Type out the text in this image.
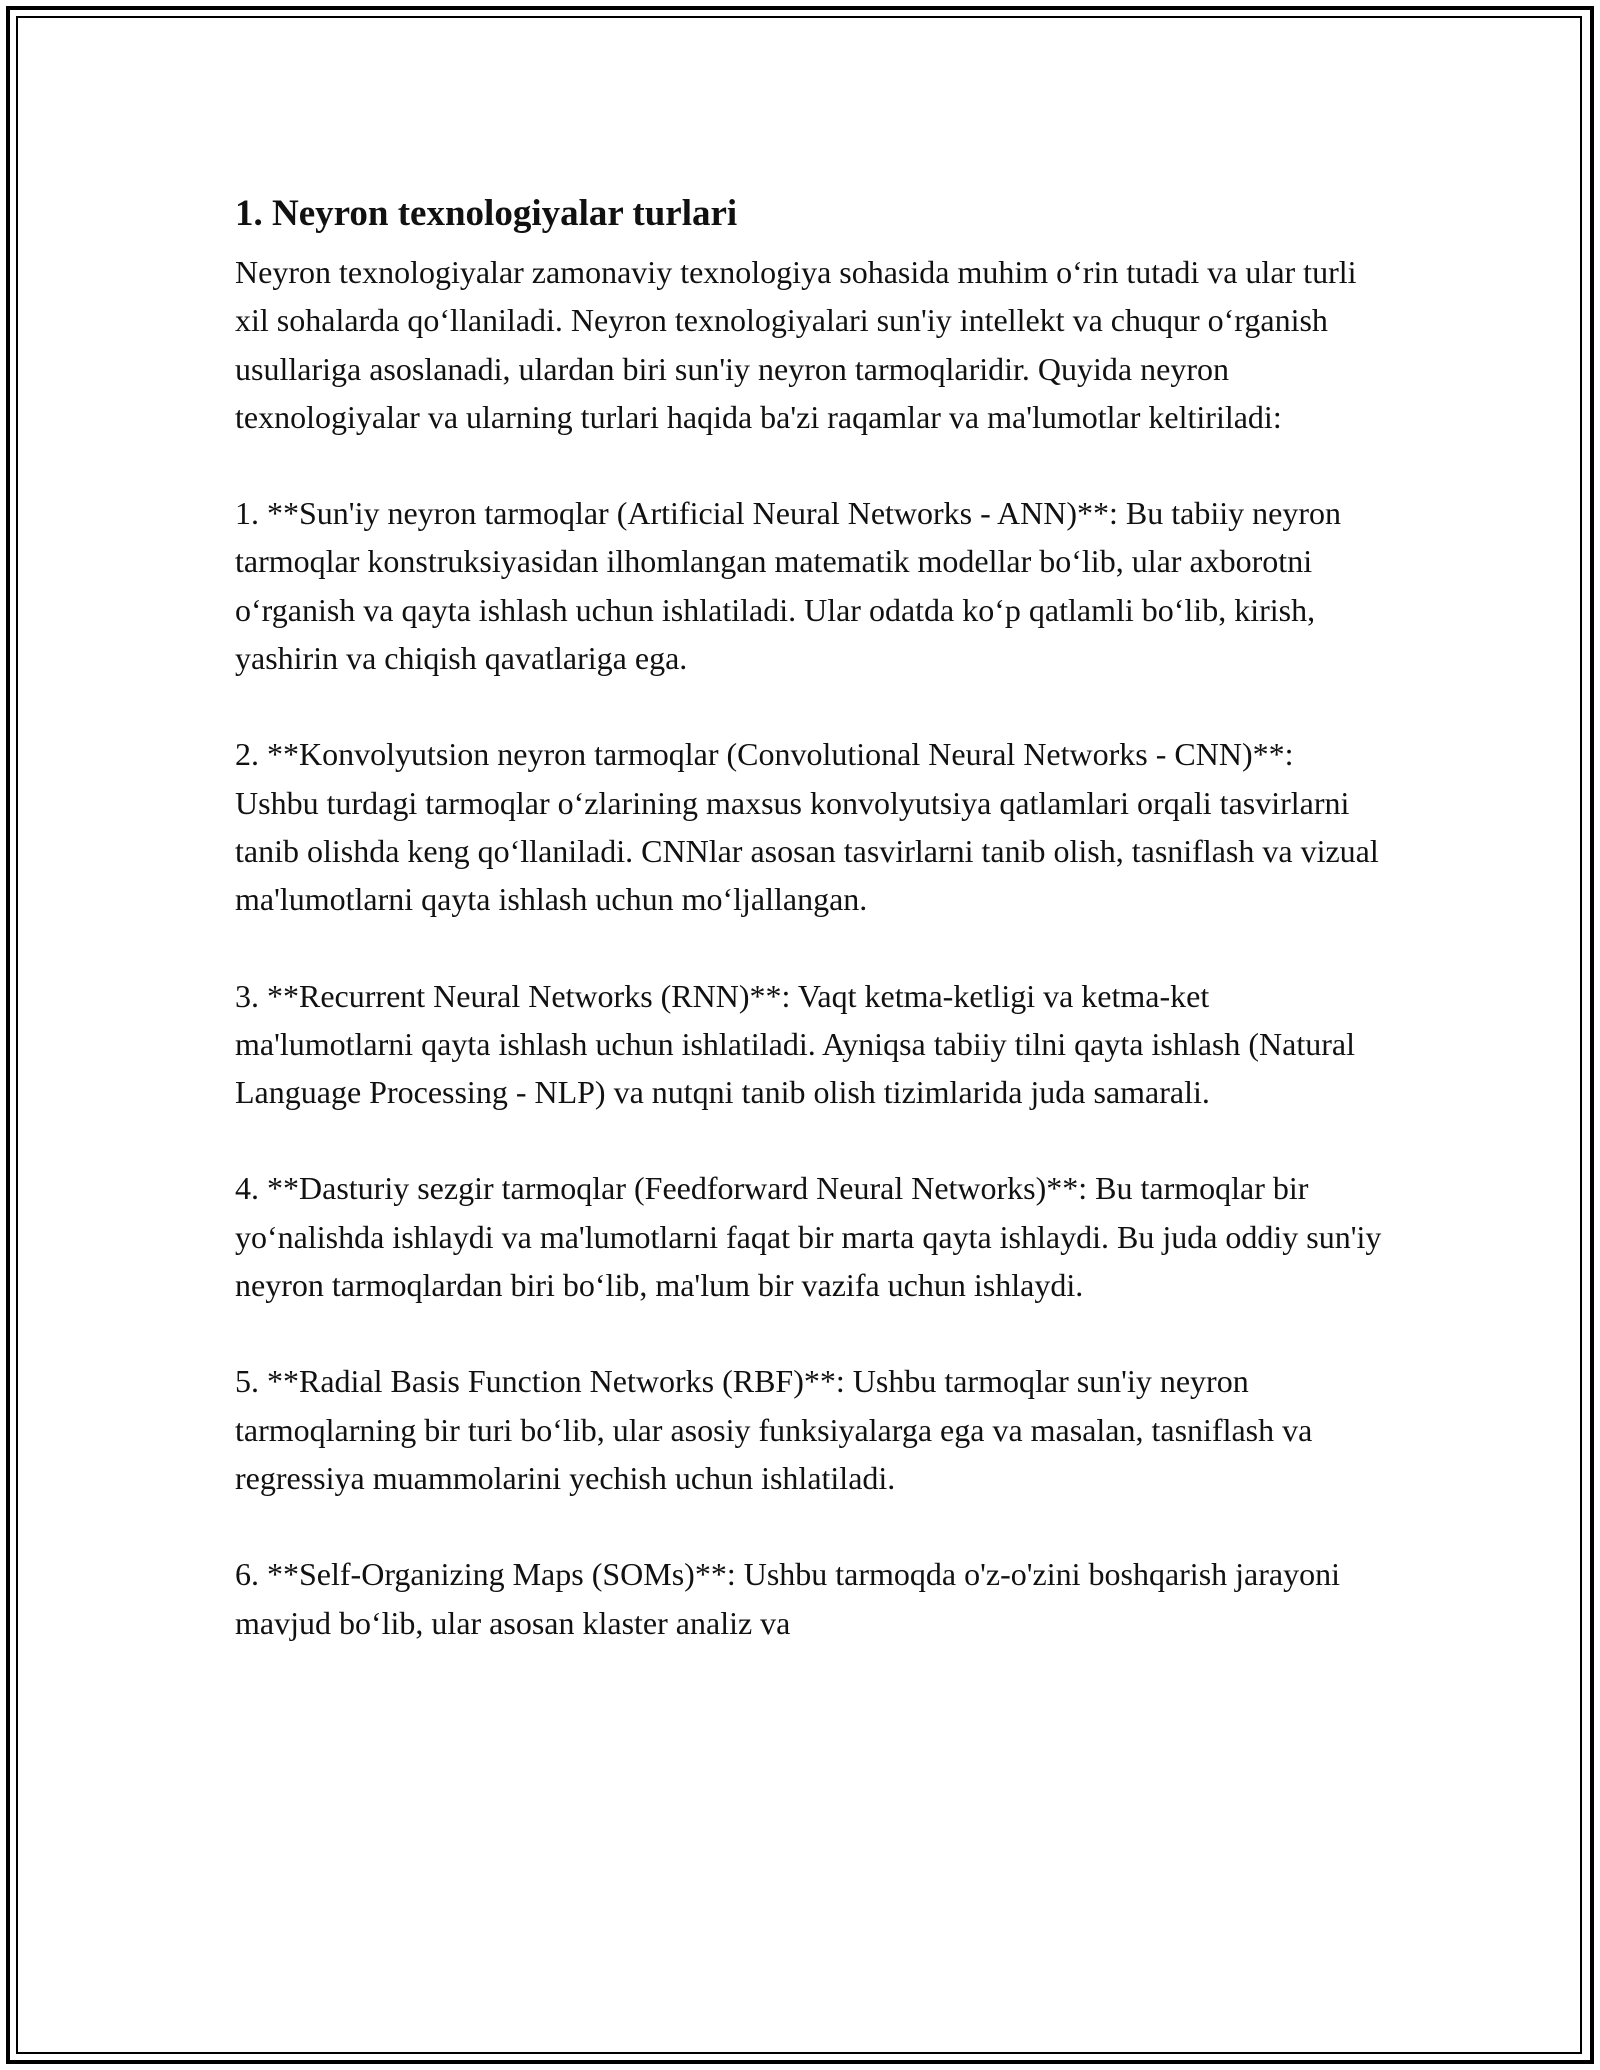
1. Neyron texnologiyalar turlari

Neyron texnologiyalar zamonaviy texnologiya sohasida muhim o‘rin tutadi va ular turli xil sohalarda qo‘llaniladi. Neyron texnologiyalari sun'iy intellekt va chuqur o‘rganish usullariga asoslanadi, ulardan biri sun'iy neyron tarmoqlaridir. Quyida neyron texnologiyalar va ularning turlari haqida ba'zi raqamlar va ma'lumotlar keltiriladi:

1. **Sun'iy neyron tarmoqlar (Artificial Neural Networks - ANN)**: Bu tabiiy neyron tarmoqlar konstruksiyasidan ilhomlangan matematik modellar bo‘lib, ular axborotni o‘rganish va qayta ishlash uchun ishlatiladi. Ular odatda ko‘p qatlamli bo‘lib, kirish, yashirin va chiqish qavatlariga ega.

2. **Konvolyutsion neyron tarmoqlar (Convolutional Neural Networks - CNN)**: Ushbu turdagi tarmoqlar o‘zlarining maxsus konvolyutsiya qatlamlari orqali tasvirlarni tanib olishda keng qo‘llaniladi. CNNlar asosan tasvirlarni tanib olish, tasniflash va vizual ma'lumotlarni qayta ishlash uchun mo‘ljallangan.

3. **Recurrent Neural Networks (RNN)**: Vaqt ketma-ketligi va ketma-ket ma'lumotlarni qayta ishlash uchun ishlatiladi. Ayniqsa tabiiy tilni qayta ishlash (Natural Language Processing - NLP) va nutqni tanib olish tizimlarida juda samarali.

4. **Dasturiy sezgir tarmoqlar (Feedforward Neural Networks)**: Bu tarmoqlar bir yo‘nalishda ishlaydi va ma'lumotlarni faqat bir marta qayta ishlaydi. Bu juda oddiy sun'iy neyron tarmoqlardan biri bo‘lib, ma'lum bir vazifa uchun ishlaydi.

5. **Radial Basis Function Networks (RBF)**: Ushbu tarmoqlar sun'iy neyron tarmoqlarning bir turi bo‘lib, ular asosiy funksiyalarga ega va masalan, tasniflash va regressiya muammolarini yechish uchun ishlatiladi.

6. **Self-Organizing Maps (SOMs)**: Ushbu tarmoqda o'z-o'zini boshqarish jarayoni mavjud bo‘lib, ular asosan klaster analiz va
